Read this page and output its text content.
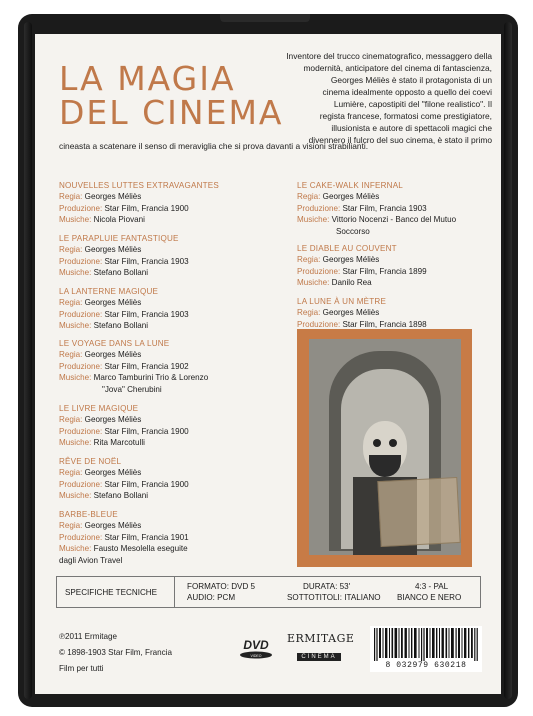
LA MAGIA
DEL CINEMA
Inventore del trucco cinematografico, messaggero della
modernità, anticipatore del cinema di fantascienza,
Georges Méliès è stato il protagonista di un
cinema idealmente opposto a quello dei coevi
Lumière, capostipiti del "filone realistico". Il
regista francese, formatosi come prestigiatore,
illusionista e autore di spettacoli magici che
divennero il fulcro del suo cinema, è stato il primo
cineasta a scatenare il senso di meraviglia che si prova davanti a visioni strabilianti.
NOUVELLES LUTTES EXTRAVAGANTES
Regia: Georges Méliès
Produzione: Star Film, Francia 1900
Musiche: Nicola Piovani
LE PARAPLUIE FANTASTIQUE
Regia: Georges Méliès
Produzione: Star Film, Francia 1903
Musiche: Stefano Bollani
LA LANTERNE MAGIQUE
Regia: Georges Méliès
Produzione: Star Film, Francia 1903
Musiche: Stefano Bollani
LE VOYAGE DANS LA LUNE
Regia: Georges Méliès
Produzione: Star Film, Francia 1902
Musiche: Marco Tamburini Trio & Lorenzo
"Jova" Cherubini
LE LIVRE MAGIQUE
Regia: Georges Méliès
Produzione: Star Film, Francia 1900
Musiche: Rita Marcotulli
RÊVE DE NOËL
Regia: Georges Méliès
Produzione: Star Film, Francia 1900
Musiche: Stefano Bollani
BARBE-BLEUE
Regia: Georges Méliès
Produzione: Star Film, Francia 1901
Musiche: Fausto Mesolella eseguite
dagli Avion Travel
LE CAKE-WALK INFERNAL
Regia: Georges Méliès
Produzione: Star Film, Francia 1903
Musiche: Vittorio Nocenzi - Banco del Mutuo
Soccorso
LE DIABLE AU COUVENT
Regia: Georges Méliès
Produzione: Star Film, Francia 1899
Musiche: Danilo Rea
LA LUNE À UN MÈTRE
Regia: Georges Méliès
Produzione: Star Film, Francia 1898
SPECIFICHE TECNICHE
FORMATO: DVD 5
AUDIO: PCM
DURATA: 53'
SOTTOTITOLI: ITALIANO
4:3 - PAL
BIANCO E NERO
℗2011 Ermitage
© 1898-1903 Star Film, Francia
Film per tutti
DVD
VIDEO
ERMITAGE
CINEMA
8 032979 630218
